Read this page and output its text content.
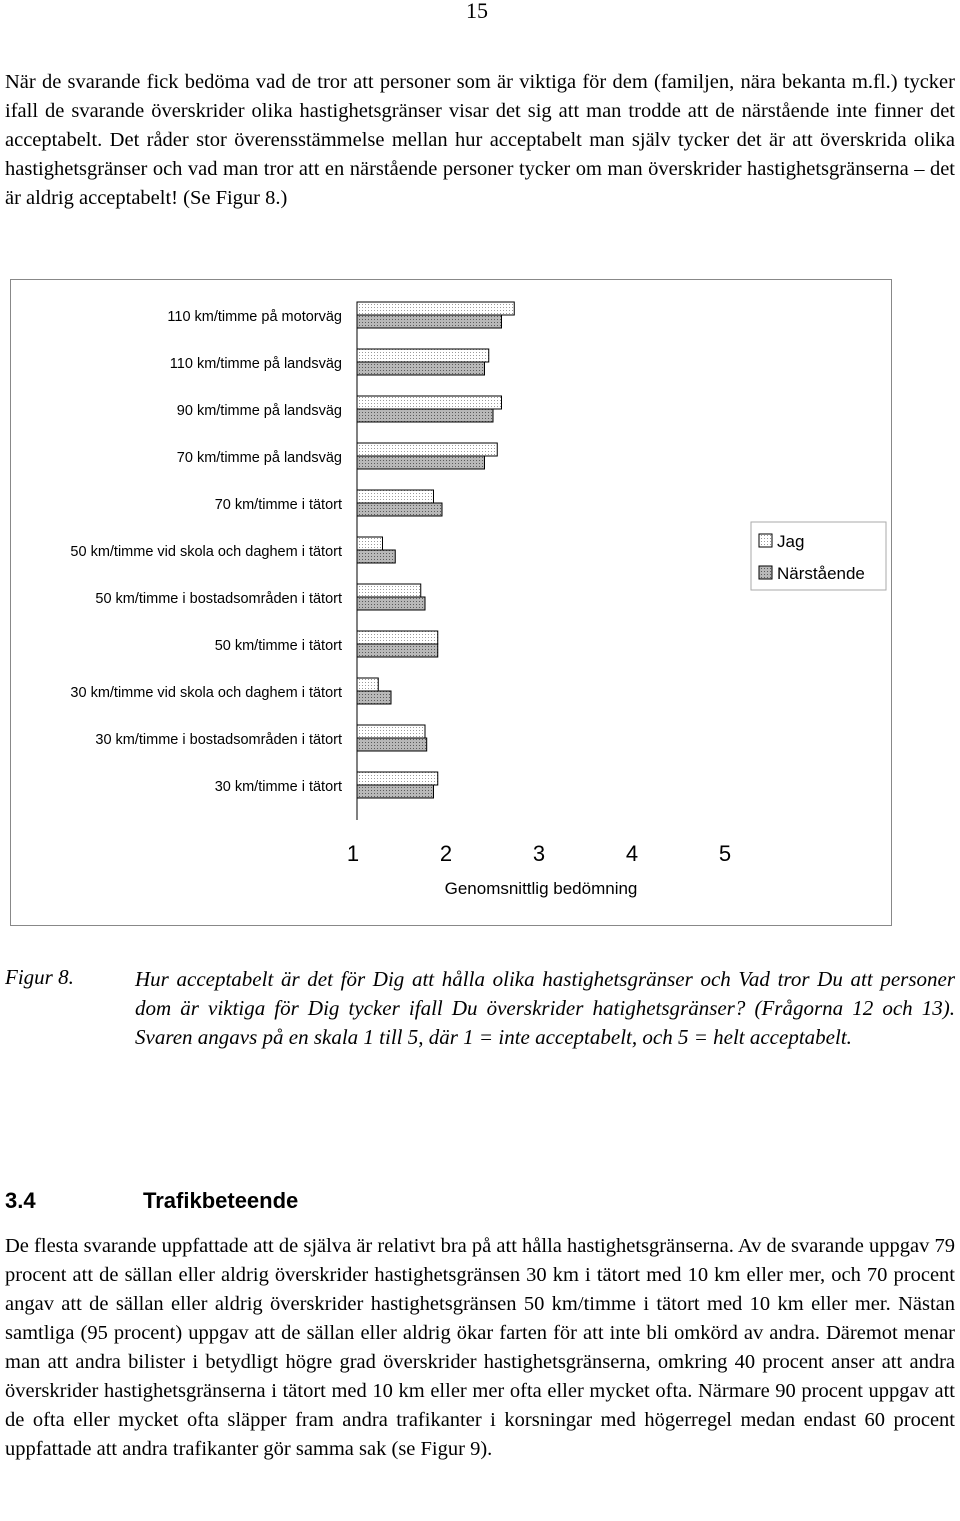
15
När de svarande fick bedöma vad de tror att personer som är viktiga för dem (familjen, nära bekanta m.fl.) tycker ifall de svarande överskrider olika hastighetsgränser visar det sig att man trodde att de närstående inte finner det acceptabelt. Det råder stor överensstämmelse mellan hur acceptabelt man själv tycker det är att överskrida olika hastighetsgränser och vad man tror att en närstående personer tycker om man överskrider hastighetsgränserna – det är aldrig acceptabelt! (Se Figur 8.)
110 km/timme på motorväg
110 km/timme på landsväg
90 km/timme på landsväg
70 km/timme på landsväg
70 km/timme i tätort
50 km/timme vid skola och daghem i tätort
50 km/timme i bostadsområden i tätort
50 km/timme i tätort
30 km/timme vid skola och daghem i tätort
30 km/timme i bostadsområden i tätort
30 km/timme i tätort
1	2	3	4	5
Genomsnittlig bedömning
Jag
Närstående
Figur 8.	Hur acceptabelt är det för Dig att hålla olika hastighetsgränser och Vad tror Du att personer dom är viktiga för Dig tycker ifall Du överskrider hatighetsgränser? (Frågorna 12 och 13). Svaren angavs på en skala 1 till 5, där 1 = inte acceptabelt, och 5 = helt acceptabelt.
3.4	Trafikbeteende
De flesta svarande uppfattade att de själva är relativt bra på att hålla hastighetsgränserna. Av de svarande uppgav 79 procent att de sällan eller aldrig överskrider hastighetsgränsen 30 km i tätort med 10 km eller mer, och 70 procent angav att de sällan eller aldrig överskrider hastighetsgränsen 50 km/timme i tätort med 10 km eller mer. Nästan samtliga (95 procent) uppgav att de sällan eller aldrig ökar farten för att inte bli omkörd av andra. Däremot menar man att andra bilister i betydligt högre grad överskrider hastighetsgränserna, omkring 40 procent anser att andra överskrider hastighetsgränserna i tätort med 10 km eller mer ofta eller mycket ofta. Närmare 90 procent uppgav att de ofta eller mycket ofta släpper fram andra trafikanter i korsningar med högerregel medan endast 60 procent uppfattade att andra trafikanter gör samma sak (se Figur 9).
